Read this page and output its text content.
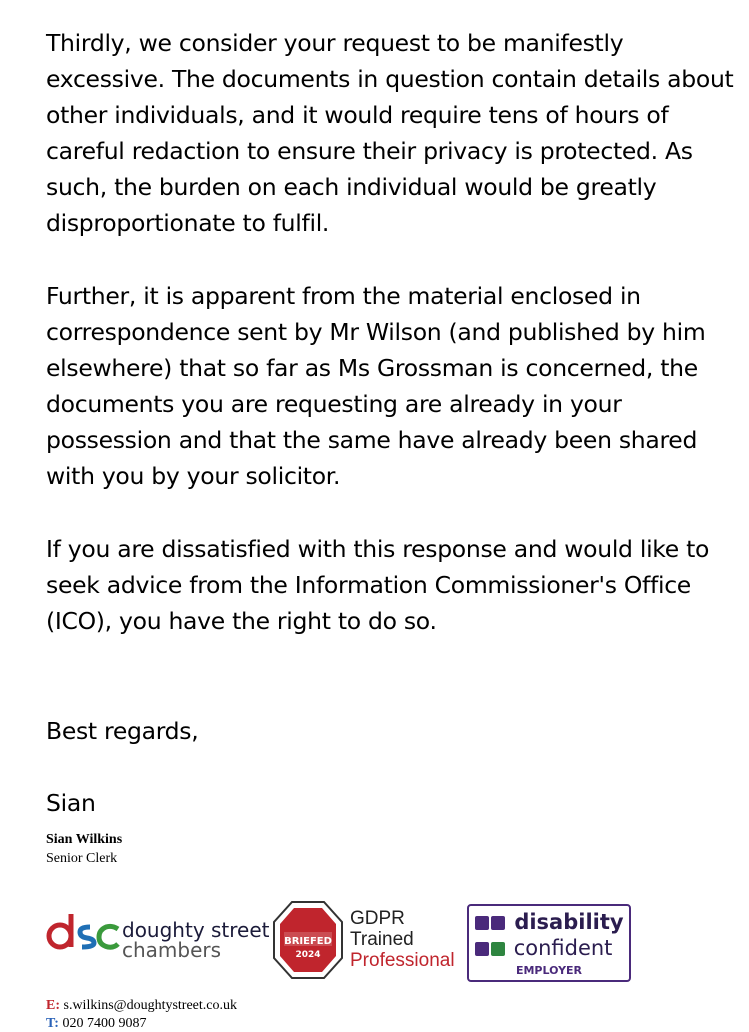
Thirdly, we consider your request to be manifestly excessive. The documents in question contain details about other individuals, and it would require tens of hours of careful redaction to ensure their privacy is protected. As such, the burden on each individual would be greatly disproportionate to fulfil.

Further, it is apparent from the material enclosed in correspondence sent by Mr Wilson (and published by him elsewhere) that so far as Ms Grossman is concerned, the documents you are requesting are already in your possession and that the same have already been shared with you by your solicitor.

If you are dissatisfied with this response and would like to seek advice from the Information Commissioner's Office (ICO), you have the right to do so.

Best regards,

Sian

Sian Wilkins
Senior Clerk
doughty street
chambers	BRIEFED
2024
GDPR
Trained
Professional
disability
confident
EMPLOYER
E: s.wilkins@doughtystreet.co.uk
T: 020 7400 9087
